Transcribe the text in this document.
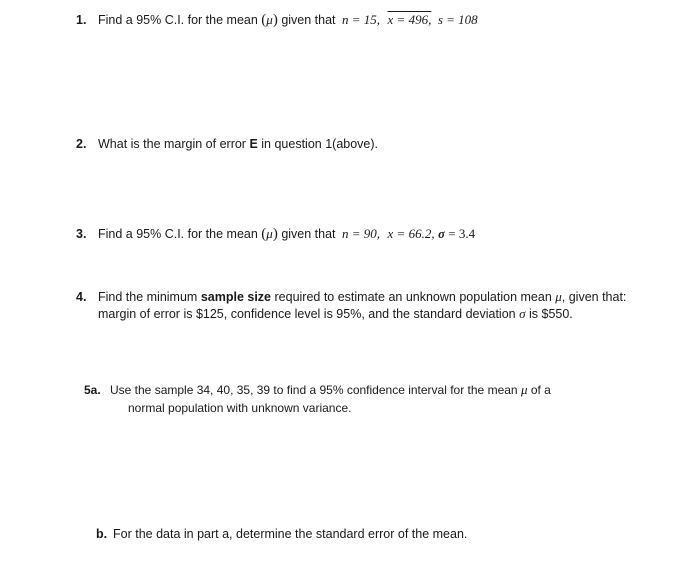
1. Find a 95% C.I. for the mean (μ) given that n = 15, x = 496, s = 108
2. What is the margin of error E in question 1(above).
3. Find a 95% C.I. for the mean (μ) given that n = 90, x = 66.2, σ = 3.4
4. Find the minimum sample size required to estimate an unknown population mean μ, given that:
margin of error is $125, confidence level is 95%, and the standard deviation σ is $550.
5a. Use the sample 34, 40, 35, 39 to find a 95% confidence interval for the mean μ of a
normal population with unknown variance.
b. For the data in part a, determine the standard error of the mean.
